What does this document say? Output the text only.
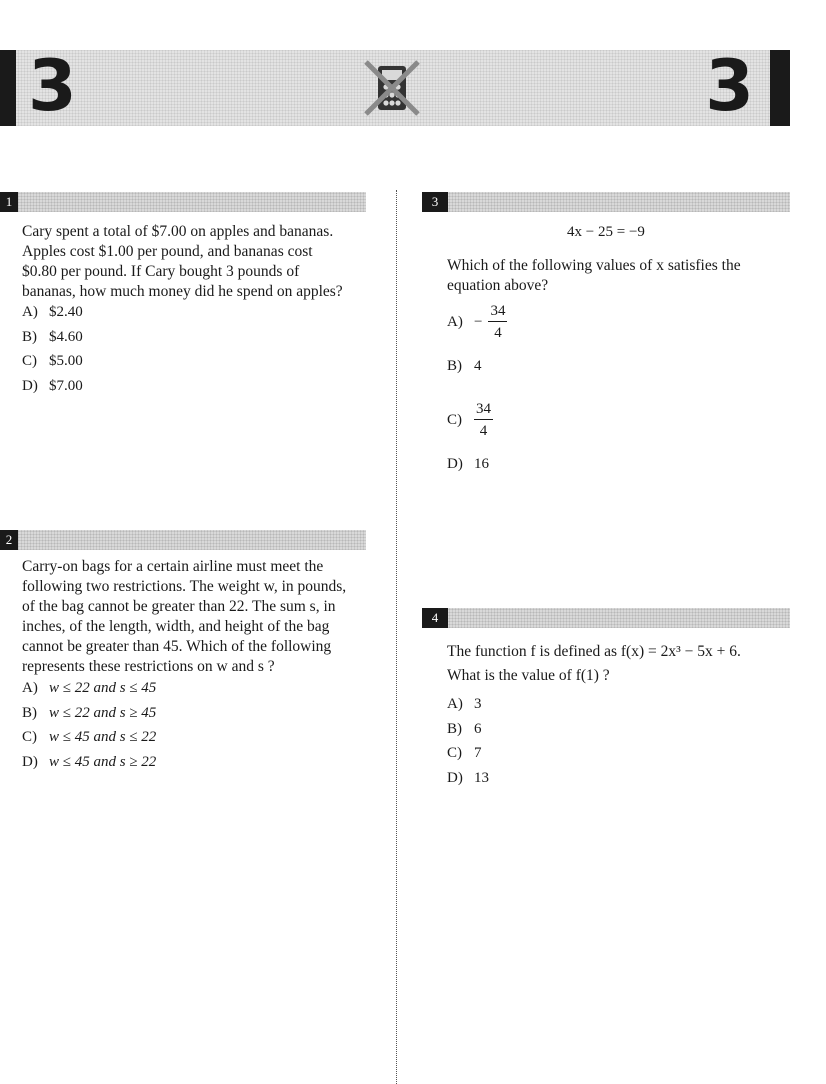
3	3
1
Cary spent a total of $7.00 on apples and bananas.
Apples cost $1.00 per pound, and bananas cost
$0.80 per pound. If Cary bought 3 pounds of
bananas, how much money did he spend on apples?
A) $2.40
B) $4.60
C) $5.00
D) $7.00
2
Carry-on bags for a certain airline must meet the
following two restrictions. The weight w, in pounds,
of the bag cannot be greater than 22. The sum s, in
inches, of the length, width, and height of the bag
cannot be greater than 45. Which of the following
represents these restrictions on w and s ?
A) w ≤ 22 and s ≤ 45
B) w ≤ 22 and s ≥ 45
C) w ≤ 45 and s ≤ 22
D) w ≤ 45 and s ≥ 22
3
4x − 25 = −9
Which of the following values of x satisfies the
equation above?
$A) - \frac{34}{4}$
B) 4
$C) \frac{34}{4}$
D) 16
4
The function f is defined as f(x) = 2x³ − 5x + 6.
What is the value of f(1) ?
A) 3
B) 6
C) 7
D) 13
